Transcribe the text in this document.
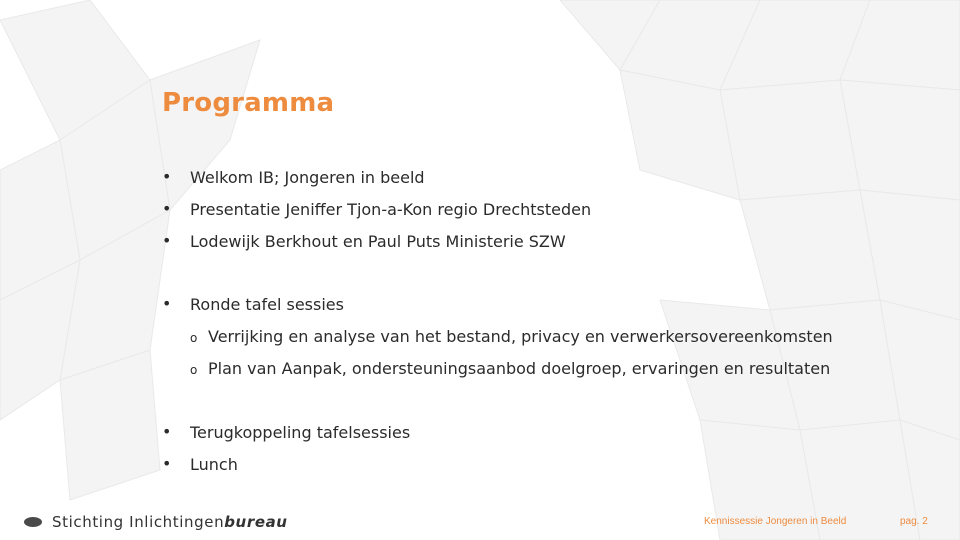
Programma
• Welkom IB; Jongeren in beeld
• Presentatie Jeniffer Tjon-a-Kon regio Drechtsteden
• Lodewijk Berkhout en Paul Puts Ministerie SZW
• Ronde tafel sessies
o Verrijking en analyse van het bestand, privacy en verwerkersovereenkomsten
o Plan van Aanpak, ondersteuningsaanbod doelgroep, ervaringen en resultaten
• Terugkoppeling tafelsessies
• Lunch
Stichting Inlichtingenbureau	Kennissessie Jongeren in Beeld	pag. 2
